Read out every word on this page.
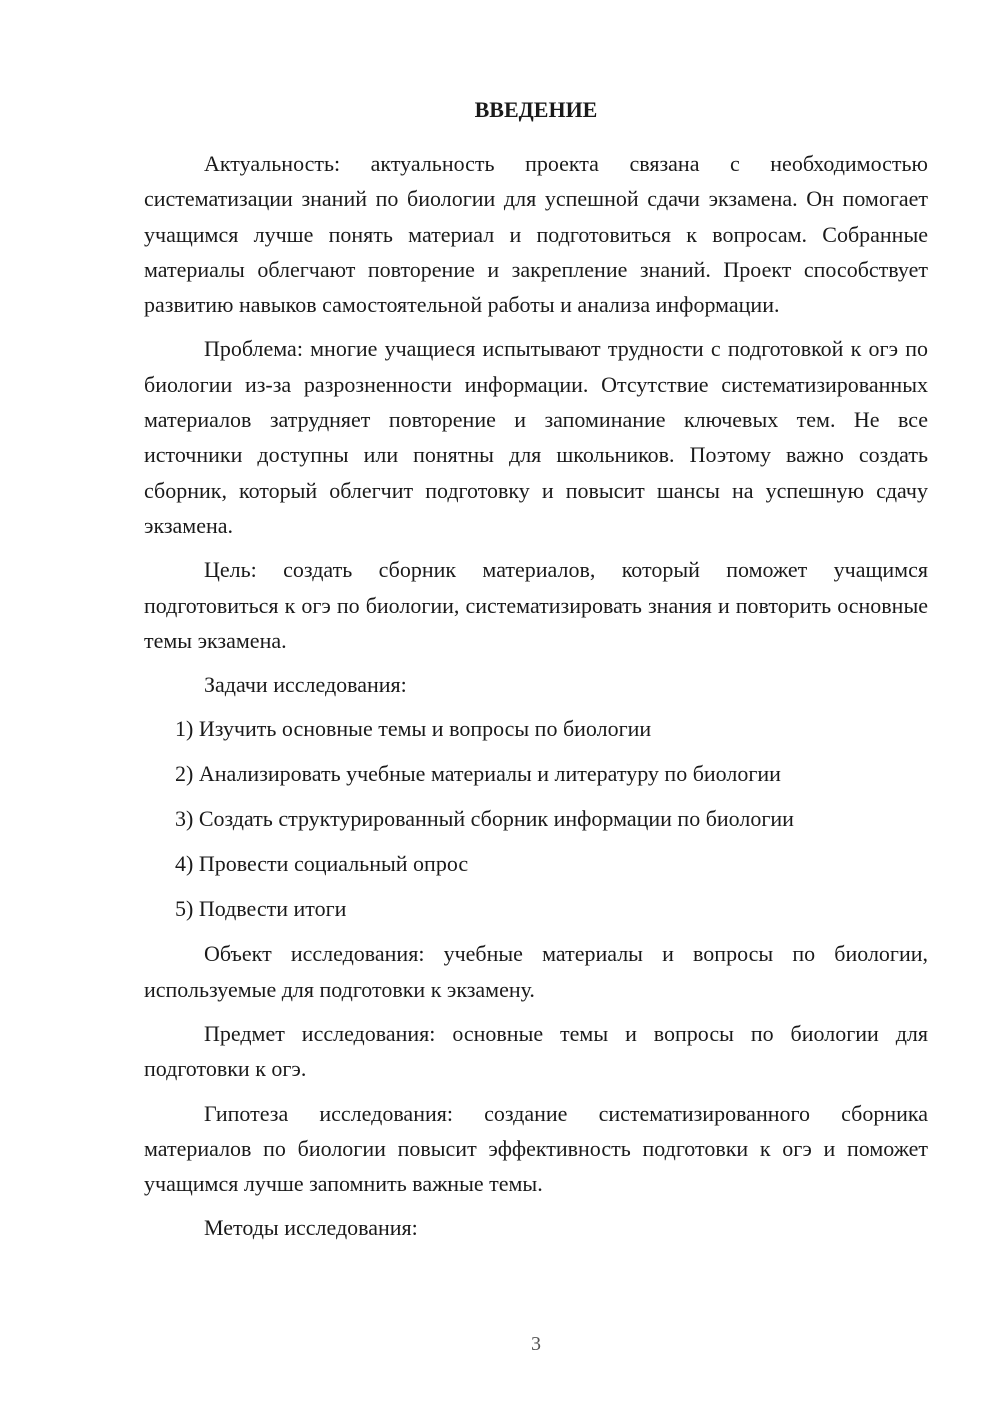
ВВЕДЕНИЕ

Актуальность: актуальность проекта связана с необходимостью систематизации знаний по биологии для успешной сдачи экзамена. Он помогает учащимся лучше понять материал и подготовиться к вопросам. Собранные материалы облегчают повторение и закрепление знаний. Проект способствует развитию навыков самостоятельной работы и анализа информации.

Проблема: многие учащиеся испытывают трудности с подготовкой к огэ по биологии из-за разрозненности информации. Отсутствие систематизированных материалов затрудняет повторение и запоминание ключевых тем. Не все источники доступны или понятны для школьников. Поэтому важно создать сборник, который облегчит подготовку и повысит шансы на успешную сдачу экзамена.

Цель: создать сборник материалов, который поможет учащимся подготовиться к огэ по биологии, систематизировать знания и повторить основные темы экзамена.

Задачи исследования:

1) Изучить основные темы и вопросы по биологии
2) Анализировать учебные материалы и литературу по биологии
3) Создать структурированный сборник информации по биологии
4) Провести социальный опрос
5) Подвести итоги

Объект исследования: учебные материалы и вопросы по биологии, используемые для подготовки к экзамену.

Предмет исследования: основные темы и вопросы по биологии для подготовки к огэ.

Гипотеза исследования: создание систематизированного сборника материалов по биологии повысит эффективность подготовки к огэ и поможет учащимся лучше запомнить важные темы.

Методы исследования:

3
